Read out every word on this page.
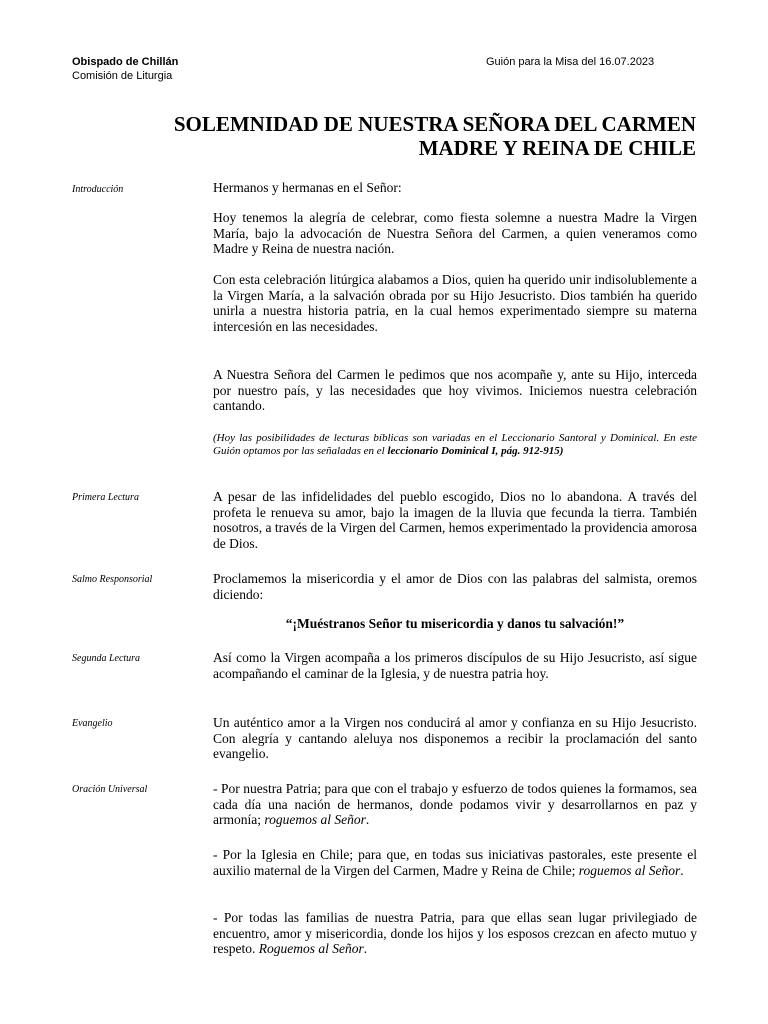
Obispado de Chillán
Comisión de Liturgia
Guión para la Misa del 16.07.2023
SOLEMNIDAD DE NUESTRA SEÑORA DEL CARMEN
MADRE Y REINA DE CHILE
Introducción	Hermanos y hermanas en el Señor:

Hoy tenemos la alegría de celebrar, como fiesta solemne a nuestra Madre la Virgen María, bajo la advocación de Nuestra Señora del Carmen, a quien veneramos como Madre y Reina de nuestra nación.

Con esta celebración litúrgica alabamos a Dios, quien ha querido unir indisolublemente a la Virgen María, a la salvación obrada por su Hijo Jesucristo. Dios también ha querido unirla a nuestra historia patria, en la cual hemos experimentado siempre su materna intercesión en las necesidades.

A Nuestra Señora del Carmen le pedimos que nos acompañe y, ante su Hijo, interceda por nuestro país, y las necesidades que hoy vivimos. Iniciemos nuestra celebración cantando.

(Hoy las posibilidades de lecturas bíblicas son variadas en el Leccionario Santoral y Dominical. En este Guión optamos por las señaladas en el leccionario Dominical I, pág. 912-915)

Primera Lectura	A pesar de las infidelidades del pueblo escogido, Dios no lo abandona. A través del profeta le renueva su amor, bajo la imagen de la lluvia que fecunda la tierra. También nosotros, a través de la Virgen del Carmen, hemos experimentado la providencia amorosa de Dios.

Salmo Responsorial	Proclamemos la misericordia y el amor de Dios con las palabras del salmista, oremos diciendo:

“¡Muéstranos Señor tu misericordia y danos tu salvación!”
Segunda Lectura	Así como la Virgen acompaña a los primeros discípulos de su Hijo Jesucristo, así sigue acompañando el caminar de la Iglesia, y de nuestra patria hoy.

Evangelio	Un auténtico amor a la Virgen nos conducirá al amor y confianza en su Hijo Jesucristo. Con alegría y cantando aleluya nos disponemos a recibir la proclamación del santo evangelio.

Oración Universal	- Por nuestra Patria; para que con el trabajo y esfuerzo de todos quienes la formamos, sea cada día una nación de hermanos, donde podamos vivir y desarrollarnos en paz y armonía; roguemos al Señor.

- Por la Iglesia en Chile; para que, en todas sus iniciativas pastorales, este presente el auxilio maternal de la Virgen del Carmen, Madre y Reina de Chile; roguemos al Señor.

- Por todas las familias de nuestra Patria, para que ellas sean lugar privilegiado de encuentro, amor y misericordia, donde los hijos y los esposos crezcan en afecto mutuo y respeto. Roguemos al Señor.
